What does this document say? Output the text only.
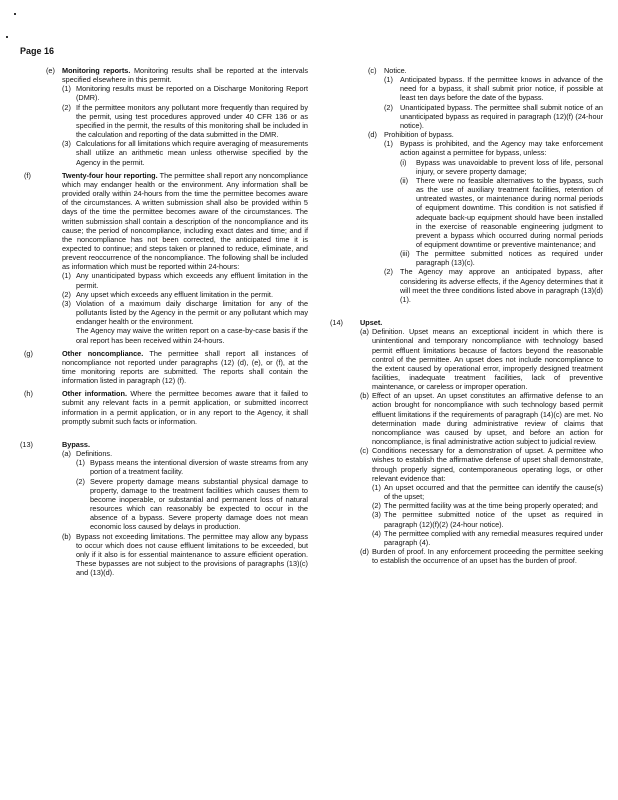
Page 16
(e) Monitoring reports. Monitoring results shall be reported at the intervals specified elsewhere in this permit.
(1) Monitoring results must be reported on a Discharge Monitoring Report (DMR).
(2) If the permittee monitors any pollutant more frequently than required by the permit, using test procedures approved under 40 CFR 136 or as specified in the permit, the results of this monitoring shall be included in the calculation and reporting of the data submitted in the DMR.
(3) Calculations for all limitations which require averaging of measurements shall utilize an arithmetic mean unless otherwise specified by the Agency in the permit.
(f)	Twenty-four hour reporting. The permittee shall report any noncompliance which may endanger health or the environment. Any information shall be provided orally within 24-hours from the time the permittee becomes aware of the circumstances. A written submission shall also be provided within 5 days of the time the permittee becomes aware of the circumstances. The written submission shall contain a description of the noncompliance and its cause; the period of noncompliance, including exact dates and time; and if the noncompliance has not been corrected, the anticipated time it is expected to continue; and steps taken or planned to reduce, eliminate, and prevent reoccurrence of the noncompliance. The following shall be included as information which must be reported within 24-hours:
(1) Any unanticipated bypass which exceeds any effluent limitation in the permit.
(2) Any upset which exceeds any effluent limitation in the permit.
(3) Violation of a maximum daily discharge limitation for any of the pollutants listed by the Agency in the permit or any pollutant which may endanger health or the environment.
The Agency may waive the written report on a case-by-case basis if the oral report has been received within 24-hours.
(g)	Other noncompliance. The permittee shall report all instances of noncompliance not reported under paragraphs (12) (d), (e), or (f), at the time monitoring reports are submitted. The reports shall contain the information listed in paragraph (12) (f).
(h)	Other information. Where the permittee becomes aware that it failed to submit any relevant facts in a permit application, or submitted incorrect information in a permit application, or in any report to the Agency, it shall promptly submit such facts or information.
(13)	Bypass.
(a) Definitions.
(1) Bypass means the intentional diversion of waste streams from any portion of a treatment facility.
(2) Severe property damage means substantial physical damage to property, damage to the treatment facilities which causes them to become inoperable, or substantial and permanent loss of natural resources which can reasonably be expected to occur in the absence of a bypass. Severe property damage does not mean economic loss caused by delays in production.
(b) Bypass not exceeding limitations. The permittee may allow any bypass to occur which does not cause effluent limitations to be exceeded, but only if it also is for essential maintenance to assure efficient operation. These bypasses are not subject to the provisions of paragraphs (13)(c) and (13)(d).
(c) Notice.
(1) Anticipated bypass. If the permittee knows in advance of the need for a bypass, it shall submit prior notice, if possible at least ten days before the date of the bypass.
(2) Unanticipated bypass. The permittee shall submit notice of an unanticipated bypass as required in paragraph (12)(f) (24-hour notice).
(d) Prohibition of bypass.
(1) Bypass is prohibited, and the Agency may take enforcement action against a permittee for bypass, unless:
(i) Bypass was unavoidable to prevent loss of life, personal injury, or severe property damage;
(ii) There were no feasible alternatives to the bypass, such as the use of auxiliary treatment facilities, retention of untreated wastes, or maintenance during normal periods of equipment downtime. This condition is not satisfied if adequate back-up equipment should have been installed in the exercise of reasonable engineering judgment to prevent a bypass which occurred during normal periods of equipment downtime or preventive maintenance; and
(iii) The permittee submitted notices as required under paragraph (13)(c).
(2) The Agency may approve an anticipated bypass, after considering its adverse effects, if the Agency determines that it will meet the three conditions listed above in paragraph (13)(d)(1).
(14) Upset.
(a) Definition. Upset means an exceptional incident in which there is unintentional and temporary noncompliance with technology based permit effluent limitations because of factors beyond the reasonable control of the permittee. An upset does not include noncompliance to the extent caused by operational error, improperly designed treatment facilities, inadequate treatment facilities, lack of preventive maintenance, or careless or improper operation.
(b) Effect of an upset. An upset constitutes an affirmative defense to an action brought for noncompliance with such technology based permit effluent limitations if the requirements of paragraph (14)(c) are met. No determination made during administrative review of claims that noncompliance was caused by upset, and before an action for noncompliance, is final administrative action subject to judicial review.
(c) Conditions necessary for a demonstration of upset. A permittee who wishes to establish the affirmative defense of upset shall demonstrate, through properly signed, contemporaneous operating logs, or other relevant evidence that:
(1) An upset occurred and that the permittee can identify the cause(s) of the upset;
(2) The permitted facility was at the time being properly operated; and
(3) The permittee submitted notice of the upset as required in paragraph (12)(f)(2) (24-hour notice).
(4) The permittee complied with any remedial measures required under paragraph (4).
(d) Burden of proof. In any enforcement proceeding the permittee seeking to establish the occurrence of an upset has the burden of proof.
